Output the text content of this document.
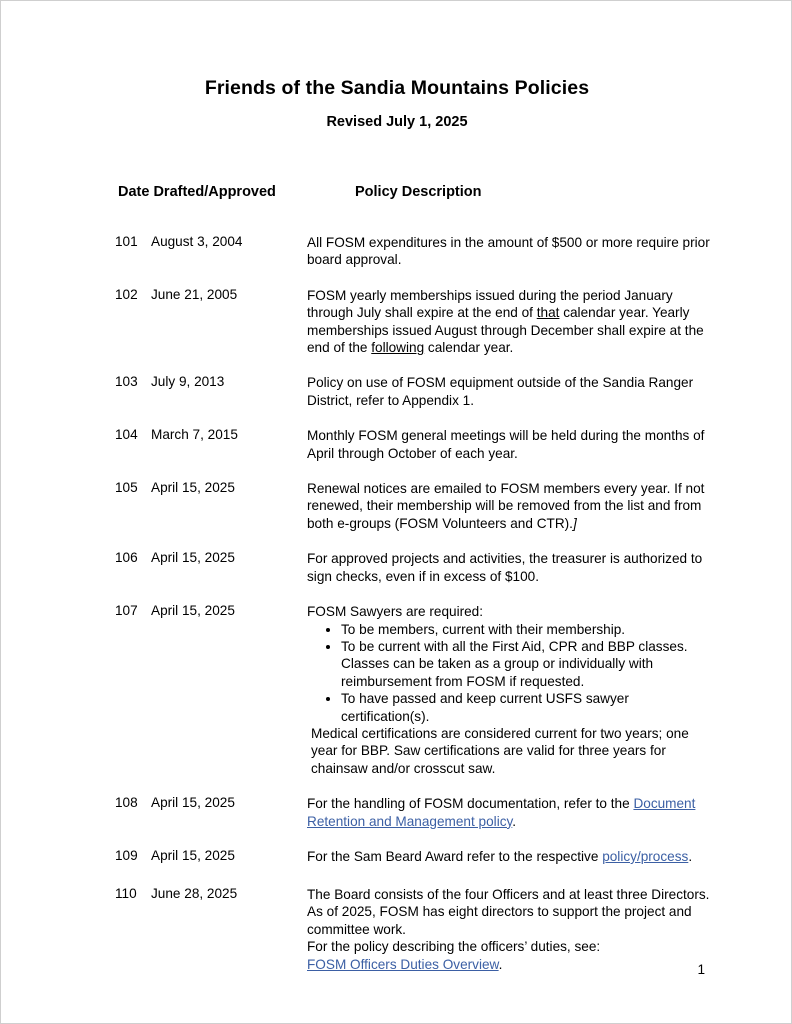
Friends of the Sandia Mountains Policies
Revised July 1, 2025
Date Drafted/Approved	Policy Description
101 August 3, 2004	All FOSM expenditures in the amount of $500 or more require prior board approval.

102 June 21, 2005	FOSM yearly memberships issued during the period January through July shall expire at the end of that calendar year. Yearly memberships issued August through December shall expire at the end of the following calendar year.

103 July 9, 2013	Policy on use of FOSM equipment outside of the Sandia Ranger District, refer to Appendix 1.

104 March 7, 2015	Monthly FOSM general meetings will be held during the months of April through October of each year.

105 April 15, 2025	Renewal notices are emailed to FOSM members every year. If not renewed, their membership will be removed from the list and from both e-groups (FOSM Volunteers and CTR).]

106 April 15, 2025	For approved projects and activities, the treasurer is authorized to sign checks, even if in excess of $100.

107 April 15, 2025	FOSM Sawyers are required:

• To be members, current with their membership.
• To be current with all the First Aid, CPR and BBP classes. Classes can be taken as a group or individually with reimbursement from FOSM if requested.
• To have passed and keep current USFS sawyer certification(s).

Medical certifications are considered current for two years; one year for BBP. Saw certifications are valid for three years for chainsaw and/or crosscut saw.

108 April 15, 2025	For the handling of FOSM documentation, refer to the Document Retention and Management policy.

109 April 15, 2025	For the Sam Beard Award refer to the respective policy/process.

110	June 28, 2025	The Board consists of the four Officers and at least three Directors. As of 2025, FOSM has eight directors to support the project and committee work.

For the policy describing the officers’ duties, see:

FOSM Officers Duties Overview.	1
